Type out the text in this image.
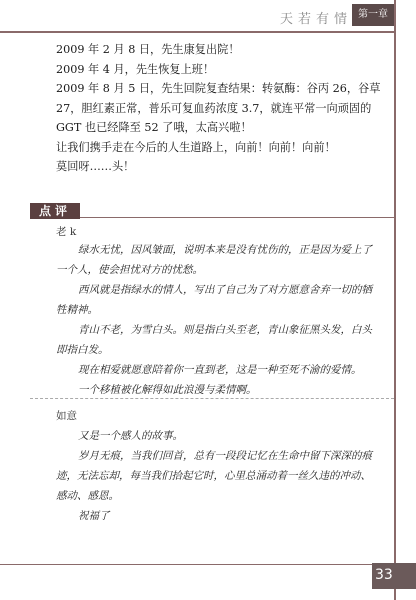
天若有情 第一章

2009 年 2 月 8 日，先生康复出院！

2009 年 4 月，先生恢复上班！

2009 年 8 月 5 日，先生回院复查结果：转氨酶：谷丙 26，谷草 27，胆红素正常，普乐可复血药浓度 3.7，就连平常一向顽固的 GGT 也已经降至 52 了哦，太高兴啦！

让我们携手走在今后的人生道路上，向前！向前！向前！

莫回呀……头！

点评
老 k

绿水无忧，因风皱面，说明本来是没有忧伤的，正是因为爱上了一个人，使会担忧对方的忧愁。

西风就是指绿水的情人，写出了自己为了对方愿意舍弃一切的牺牲精神。

青山不老，为雪白头。则是指白头至老，青山象征黑头发，白头即指白发。

现在相爱就愿意陪着你一直到老，这是一种至死不渝的爱情。

一个移植被化解得如此浪漫与柔情啊。

如意

又是一个感人的故事。

岁月无痕，当我们回首，总有一段段记忆在生命中留下深深的痕迹，无法忘却，每当我们拾起它时，心里总涌动着一丝久违的冲动、感动、感恩。

祝福了

33
